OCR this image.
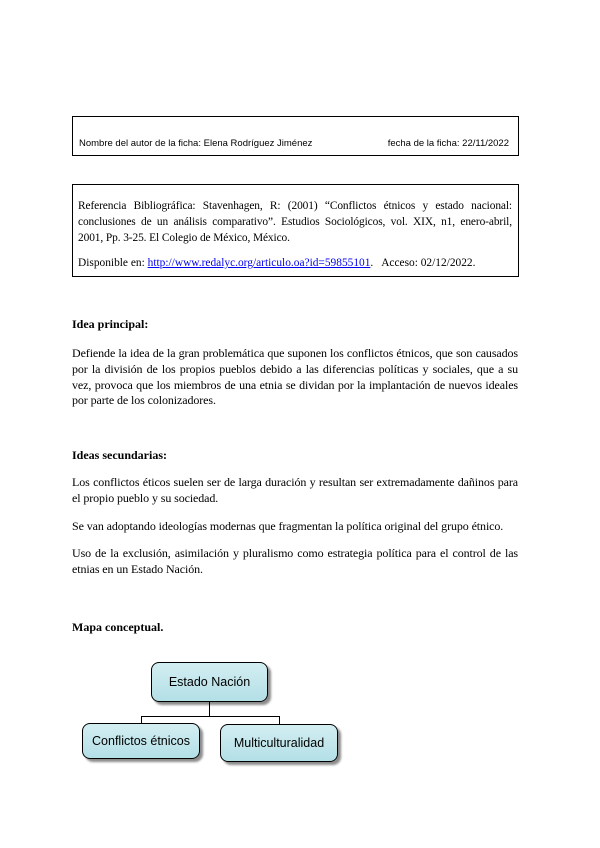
Nombre del autor de la ficha: Elena Rodríguez Jiménez	fecha de la ficha: 22/11/2022
Referencia Bibliográfica: Stavenhagen, R: (2001) “Conflictos étnicos y estado nacional: conclusiones de un análisis comparativo”. Estudios Sociológicos, vol. XIX, n1, enero-abril, 2001, Pp. 3-25. El Colegio de México, México.
Disponible en: http://www.redalyc.org/articulo.oa?id=59855101.   Acceso: 02/12/2022.
Idea principal:
Defiende la idea de la gran problemática que suponen los conflictos étnicos, que son causados por la división de los propios pueblos debido a las diferencias políticas y sociales, que a su vez, provoca que los miembros de una etnia se dividan por la implantación de nuevos ideales por parte de los colonizadores.
Ideas secundarias:
Los conflictos éticos suelen ser de larga duración y resultan ser extremadamente dañinos para el propio pueblo y su sociedad.
Se van adoptando ideologías modernas que fragmentan la política original del grupo étnico.
Uso de la exclusión, asimilación y pluralismo como estrategia política para el control de las etnias en un Estado Nación.
Mapa conceptual.
Estado Nación
Conflictos étnicos	Multiculturalidad
